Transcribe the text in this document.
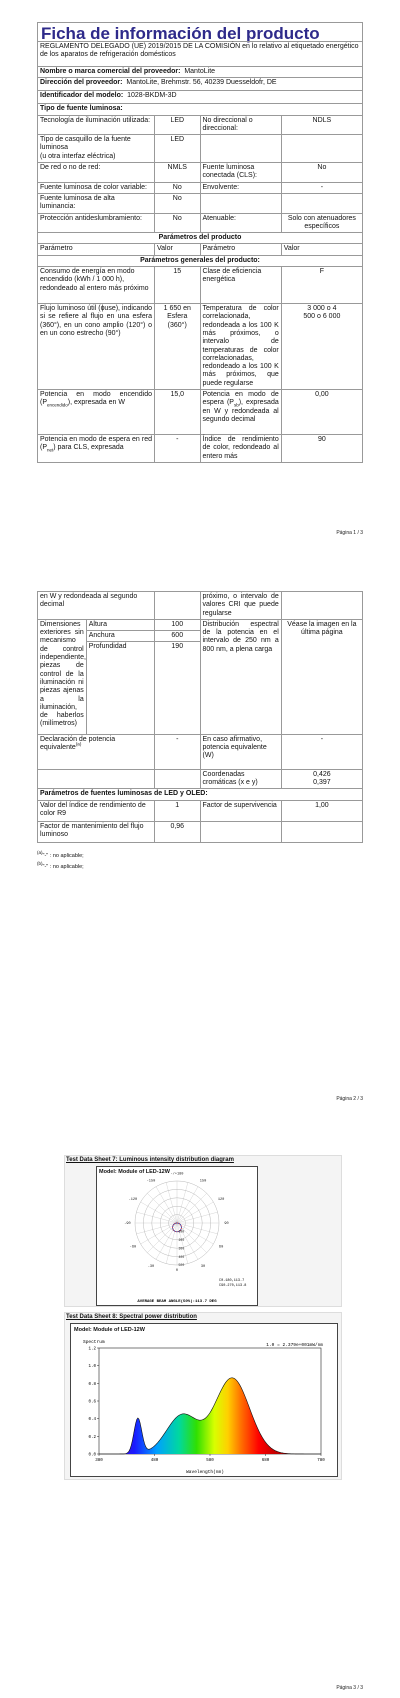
Ficha de información del producto
REGLAMENTO DELEGADO (UE) 2019/2015 DE LA COMISIÓN en lo relativo al etiquetado energético de los aparatos de refrigeración domésticos			
Nombre o marca comercial del proveedor: MantoLite			
Dirección del proveedor: MantoLite, Brehmstr. 56, 40239 Duesseldofr, DE			
Identificador del modelo: 1028-BKDM-3D			
Tipo de fuente luminosa:			
Tecnología de iluminación utilizada:	LED	No direccional o direccional:	NDLS

Tipo de casquillo de la fuente luminosa
(u otra interfaz eléctrica)	LED		
De red o no de red:	NMLS	Fuente luminosa conectada (CLS):	No
Fuente luminosa de color variable:	No	Envolvente:	-
Fuente luminosa de alta luminancia:	No		
Protección antideslumbramiento:	No	Atenuable:	Solo con atenuadores específicos
Parámetros del producto			
Parámetro	Valor	Parámetro	Valor
Parámetros generales del producto:			
Consumo de energía en modo encendido (kWh / 1 000 h), redondeado al entero más próximo	15	Clase de eficiencia energética	F
Flujo luminoso útil (ɸuse), indicando si se refiere al flujo en una esfera (360°), en un cono amplio (120°) o en un cono estrecho (90°)	1 650 en Esfera (360°)	Temperatura de color correlacionada, redondeada a los 100 K más próximos, o intervalo de temperaturas de color correlacionadas, redondeado a los 100 K más próximos, que puede regularse	3 000 o 4
500 o 6 000

Potencia en modo encendido $(P_{encendido})$, expresada en W	15,0	Potencia en modo de espera $(P_{sb})$, expresada en W y redondeada al segundo decimal	0,00
Potencia en modo de espera en red $(P_{net})$ para CLS, expresada	-	Índice de rendimiento de color, redondeado al entero más	90
Página 1 / 3
en W y redondeada al segundo decimal			próximo, o intervalo de valores CRI que puede regularse	
Dimensiones exteriores sin mecanismo de control independiente, piezas de control de la iluminación ni piezas ajenas a la iluminación, de haberlos (milímetros)	Altura	100	Distribución espectral de la potencia en el intervalo de 250 nm a 800 nm, a plena carga	Véase la imagen en la última página
	Anchura	600		
	Profundidad	190		
Declaración de potencia equivalente$^{(a)}$		-	En caso afirmativo, potencia equivalente (W)	-
			Coordenadas cromáticas (x e y)	0,426
0,397

Parámetros de fuentes luminosas de LED y OLED:				
Valor del índice de rendimiento de color R9		1	Factor de supervivencia	1,00
Factor de mantenimiento del flujo luminoso		0,96		
$^{(a)}$"-" : no aplicable;
$^{(b)}$"-" : no aplicable;
Página 2 / 3
Test Data Sheet 7: Luminous intensity distribution diagram
Model: Module of LED-12W -/+180
-150	150
-120	120
-90	90
-60	60
-30	30
0
100
200
300
400
500
C0-180,113.7
C90-270,113.8
AVERAGE BEAM ANGLE(50%):113.7 DEG
Test Data Sheet 8: Spectral power distribution
Model: Module of LED-12W
0.0
0.2
0.4
0.6
0.8
1.0
1.2
380	480	580	680	780
Spectrum
1.0 = 2.379e+001mW/nm
Wavelength(nm)
Página 3 / 3
